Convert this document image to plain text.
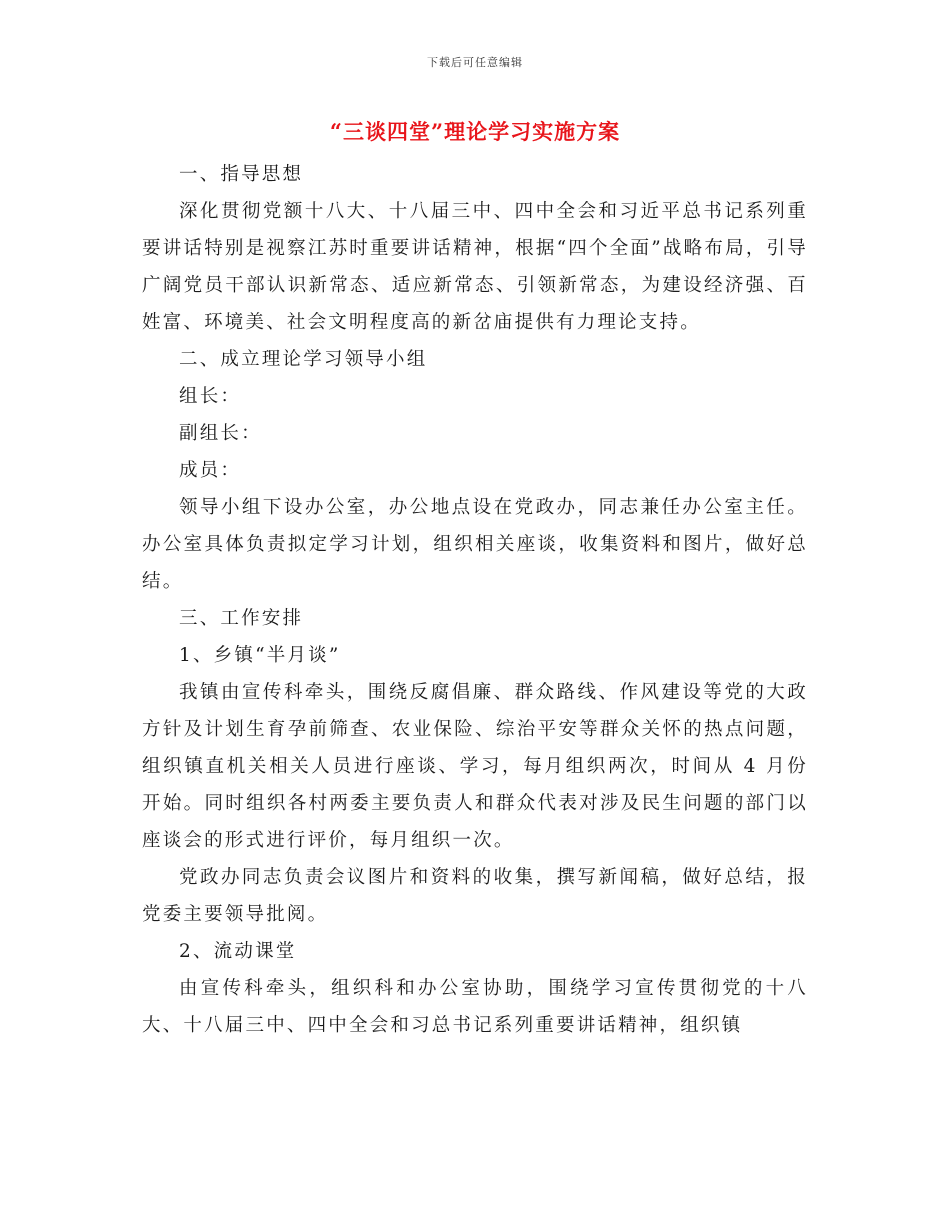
下载后可任意编辑
“三谈四堂”理论学习实施方案

一、指导思想

深化贯彻党额十八大、十八届三中、四中全会和习近平总书记系列重要讲话特别是视察江苏时重要讲话精神，根据“四个全面”战略布局，引导广阔党员干部认识新常态、适应新常态、引领新常态，为建设经济强、百姓富、环境美、社会文明程度高的新岔庙提供有力理论支持。

二、成立理论学习领导小组

组长：

副组长：

成员：

领导小组下设办公室，办公地点设在党政办，同志兼任办公室主任。办公室具体负责拟定学习计划，组织相关座谈，收集资料和图片，做好总结。

三、工作安排

1、乡镇“半月谈”

我镇由宣传科牵头，围绕反腐倡廉、群众路线、作风建设等党的大政方针及计划生育孕前筛查、农业保险、综治平安等群众关怀的热点问题，组织镇直机关相关人员进行座谈、学习，每月组织两次，时间从 4 月份开始。同时组织各村两委主要负责人和群众代表对涉及民生问题的部门以座谈会的形式进行评价，每月组织一次。

党政办同志负责会议图片和资料的收集，撰写新闻稿，做好总结，报党委主要领导批阅。

2、流动课堂

由宣传科牵头，组织科和办公室协助，围绕学习宣传贯彻党的十八大、十八届三中、四中全会和习总书记系列重要讲话精神，组织镇
